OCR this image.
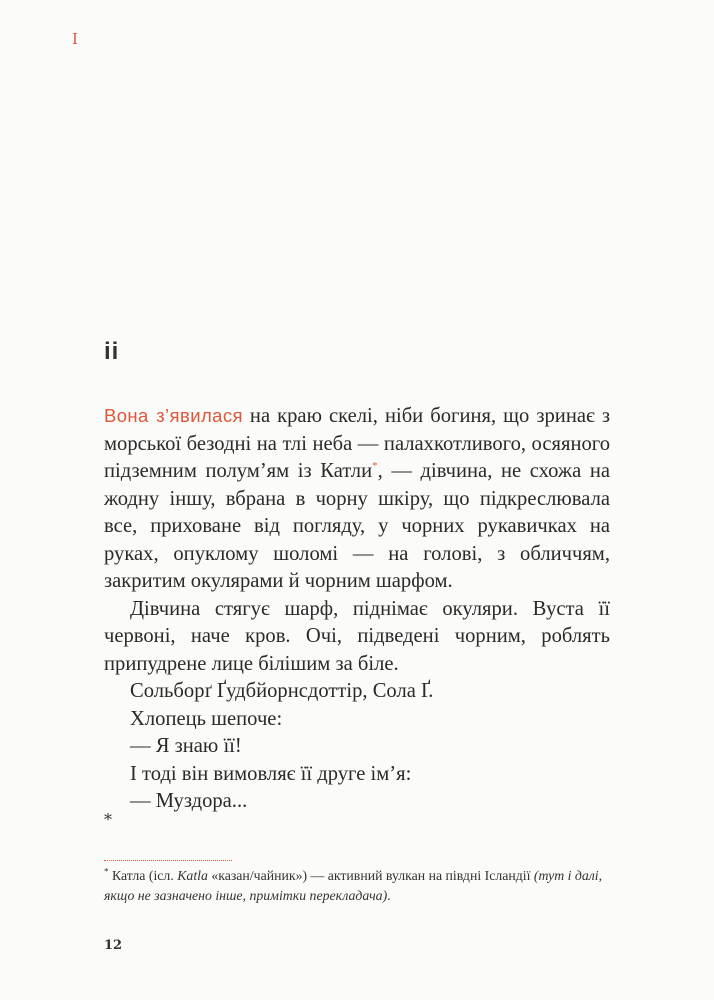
I
ii

Вона з’явилася на краю скелі, ніби богиня, що зринає з морської безодні на тлі неба — палахкотливого, осяяного підземним полум’ям із Катли*, — дівчина, не схожа на жодну іншу, вбрана в чорну шкіру, що підкреслювала все, приховане від погляду, у чорних рукавичках на руках, опуклому шоломі — на голові, з обличчям, закритим окулярами й чорним шарфом.

Дівчина стягує шарф, піднімає окуляри. Вуста її червоні, наче кров. Очі, підведені чорним, роблять припудрене лице білішим за біле.

Сольборґ Ґудбйорнсдоттір, Сола Ґ.

Хлопець шепоче:

— Я знаю її!

І тоді він вимовляє її друге ім’я:

— Муздора...

*
* Катла (ісл. Katla «казан/чайник») — активний вулкан на півдні Ісландії (тут і далі, якщо не зазначено інше, примітки перекладача).
12
